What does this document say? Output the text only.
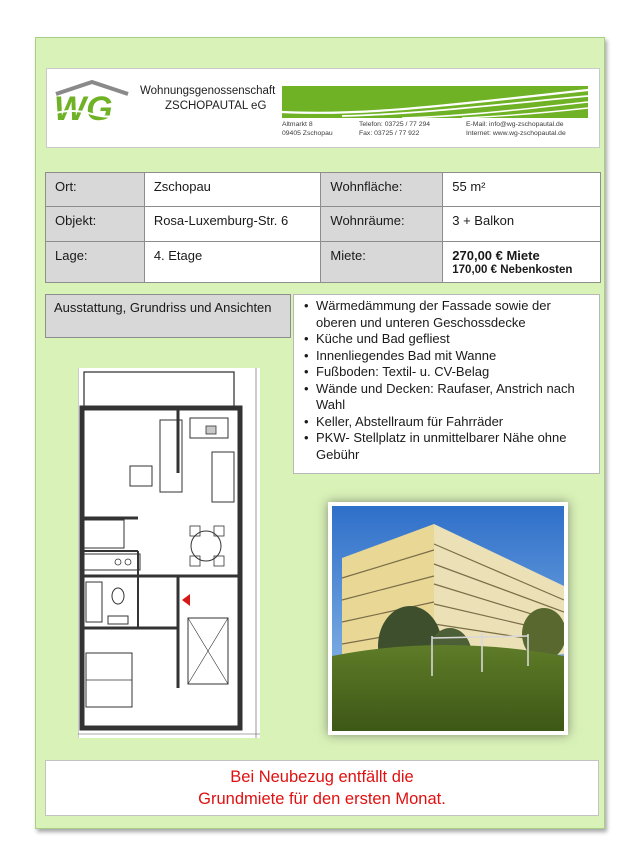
WG Wohnungsgenossenschaft
ZSCHOPAUTAL eG
Altmarkt 8
09405 Zschopau
Telefon: 03725 / 77 294
Fax: 03725 / 77 922
E-Mail: info@wg-zschopautal.de
Internet: www.wg-zschopautal.de
Ort:	Zschopau	Wohnfläche:	55 m²
Objekt:	Rosa-Luxemburg-Str. 6	Wohnräume:	3 + Balkon
Lage:	4. Etage	Miete:	270,00 € Miete
170,00 € Nebenkosten
Ausstattung, Grundriss und Ansichten	• Wärmedämmung der Fassade sowie der oberen und unteren Geschossdecke
• Küche und Bad gefliest
• Innenliegendes Bad mit Wanne
• Fußboden: Textil- u. CV-Belag
• Wände und Decken: Raufaser, Anstrich nach Wahl
• Keller, Abstellraum für Fahrräder
• PKW- Stellplatz in unmittelbarer Nähe ohne Gebühr
Bei Neubezug entfällt die
Grundmiete für den ersten Monat.
